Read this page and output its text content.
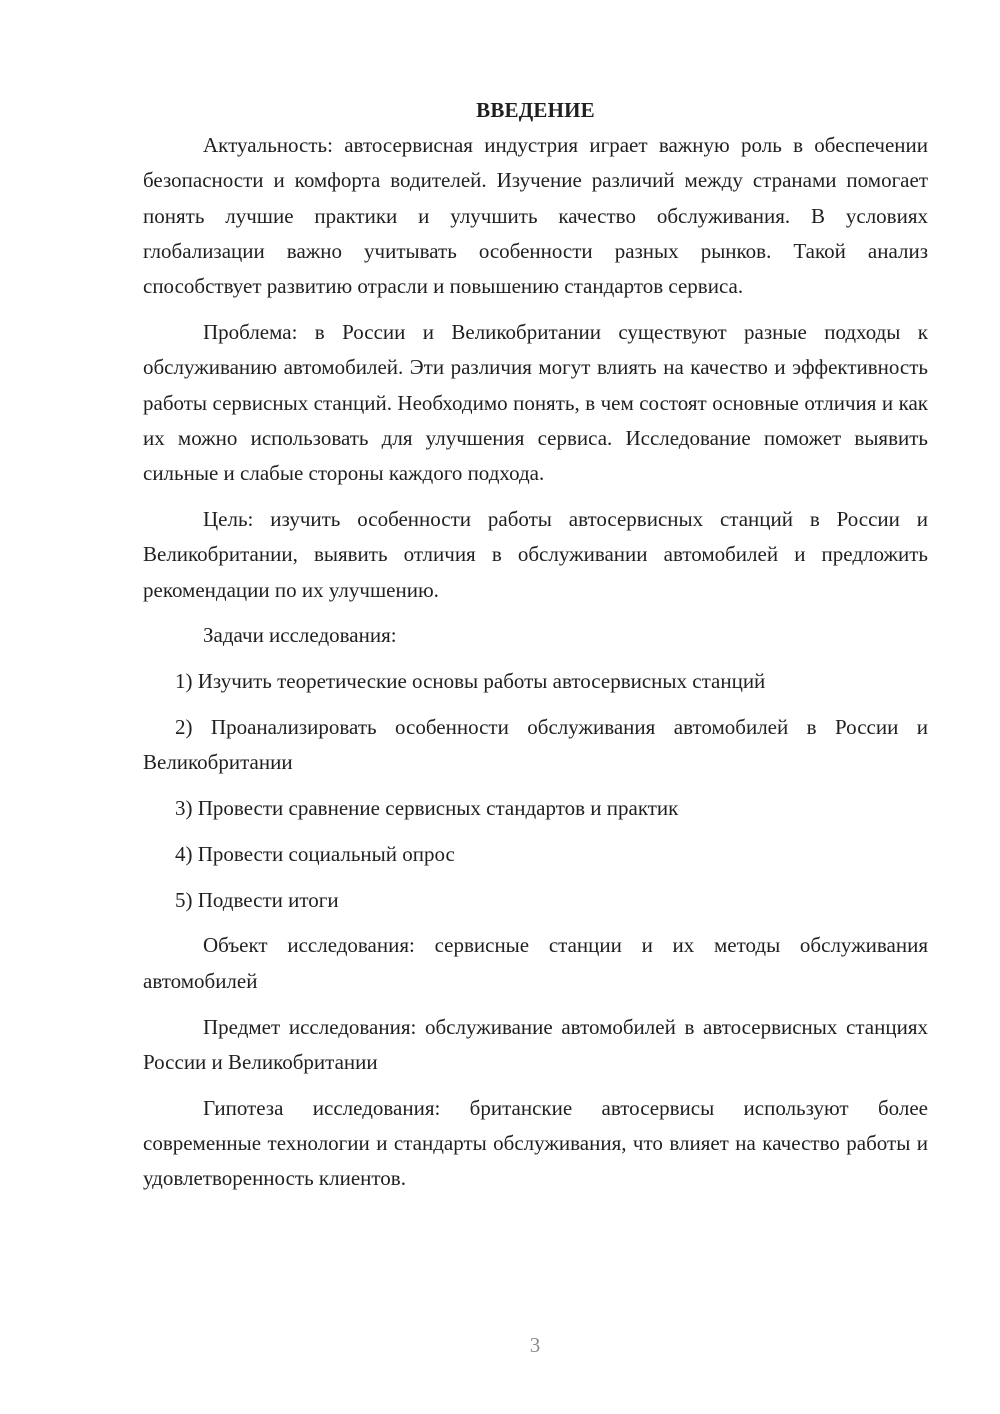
ВВЕДЕНИЕ

Актуальность: автосервисная индустрия играет важную роль в обеспечении безопасности и комфорта водителей. Изучение различий между странами помогает понять лучшие практики и улучшить качество обслуживания. В условиях глобализации важно учитывать особенности разных рынков. Такой анализ способствует развитию отрасли и повышению стандартов сервиса.

Проблема: в России и Великобритании существуют разные подходы к обслуживанию автомобилей. Эти различия могут влиять на качество и эффективность работы сервисных станций. Необходимо понять, в чем состоят основные отличия и как их можно использовать для улучшения сервиса. Исследование поможет выявить сильные и слабые стороны каждого подхода.

Цель: изучить особенности работы автосервисных станций в России и Великобритании, выявить отличия в обслуживании автомобилей и предложить рекомендации по их улучшению.

Задачи исследования:

1) Изучить теоретические основы работы автосервисных станций

2) Проанализировать особенности обслуживания автомобилей в России и Великобритании

3) Провести сравнение сервисных стандартов и практик

4) Провести социальный опрос

5) Подвести итоги

Объект исследования: сервисные станции и их методы обслуживания автомобилей

Предмет исследования: обслуживание автомобилей в автосервисных станциях России и Великобритании

Гипотеза исследования: британские автосервисы используют более современные технологии и стандарты обслуживания, что влияет на качество работы и удовлетворенность клиентов.

3
